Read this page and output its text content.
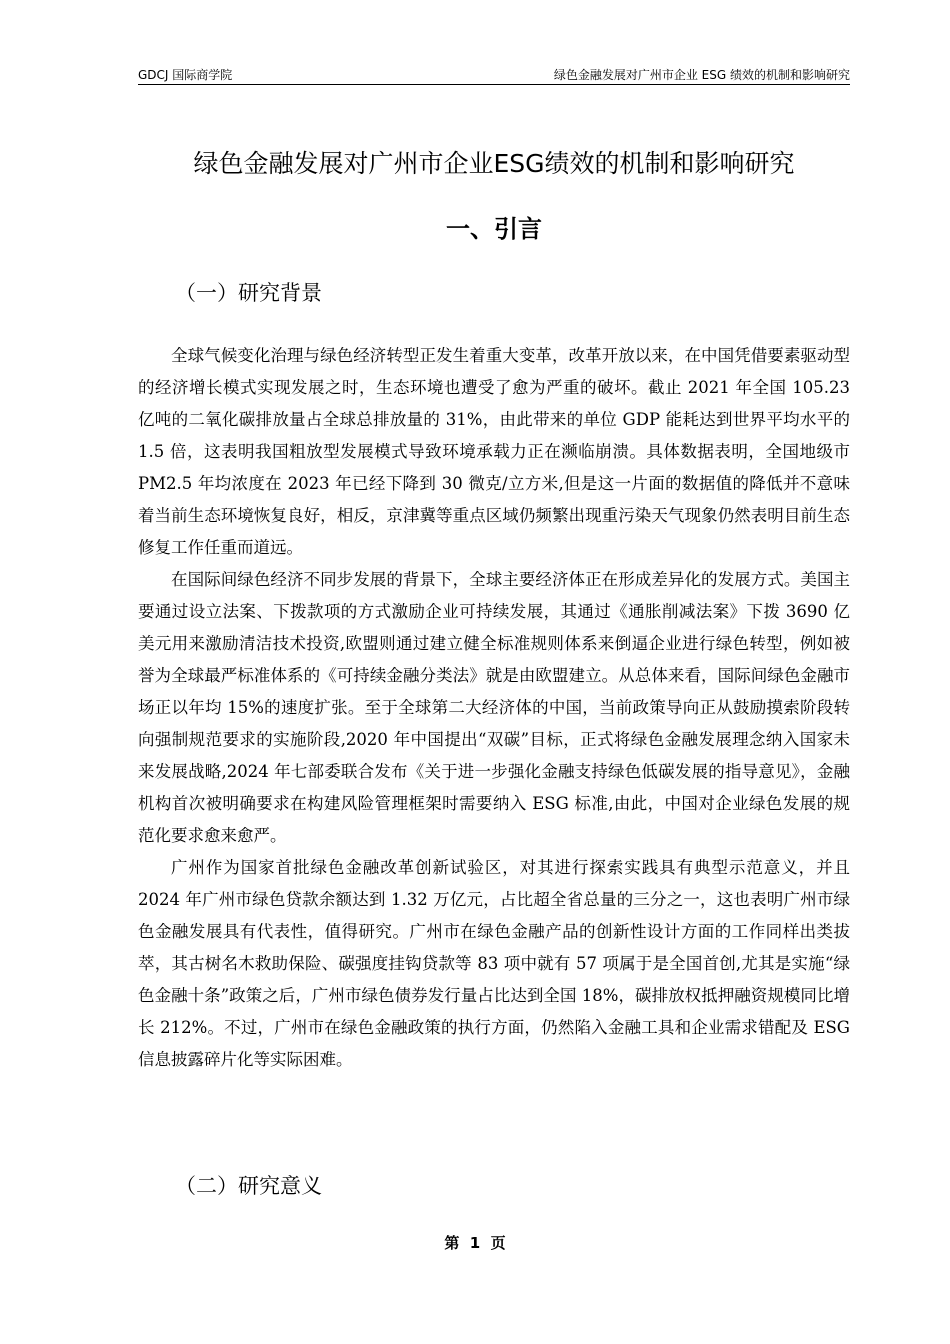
GDCJ 国际商学院	绿色金融发展对广州市企业 ESG 绩效的机制和影响研究
绿色金融发展对广州市企业ESG绩效的机制和影响研究
一、引言
（一）研究背景

全球气候变化治理与绿色经济转型正发生着重大变革，改革开放以来，在中国凭借要素驱动型的经济增长模式实现发展之时，生态环境也遭受了愈为严重的破坏。截止 2021 年全国 105.23 亿吨的二氧化碳排放量占全球总排放量的 31%，由此带来的单位 GDP 能耗达到世界平均水平的 1.5 倍，这表明我国粗放型发展模式导致环境承载力正在濒临崩溃。具体数据表明，全国地级市 PM2.5 年均浓度在 2023 年已经下降到 30 微克/立方米,但是这一片面的数据值的降低并不意味着当前生态环境恢复良好，相反，京津冀等重点区域仍频繁出现重污染天气现象仍然表明目前生态修复工作任重而道远。

在国际间绿色经济不同步发展的背景下，全球主要经济体正在形成差异化的发展方式。美国主要通过设立法案、下拨款项的方式激励企业可持续发展，其通过《通胀削减法案》下拨 3690 亿美元用来激励清洁技术投资,欧盟则通过建立健全标准规则体系来倒逼企业进行绿色转型，例如被誉为全球最严标准体系的《可持续金融分类法》就是由欧盟建立。从总体来看，国际间绿色金融市场正以年均 15%的速度扩张。至于全球第二大经济体的中国，当前政策导向正从鼓励摸索阶段转向强制规范要求的实施阶段,2020 年中国提出“双碳”目标，正式将绿色金融发展理念纳入国家未来发展战略,2024 年七部委联合发布《关于进一步强化金融支持绿色低碳发展的指导意见》，金融机构首次被明确要求在构建风险管理框架时需要纳入 ESG 标准,由此，中国对企业绿色发展的规范化要求愈来愈严。

广州作为国家首批绿色金融改革创新试验区，对其进行探索实践具有典型示范意义，并且 2024 年广州市绿色贷款余额达到 1.32 万亿元，占比超全省总量的三分之一，这也表明广州市绿色金融发展具有代表性，值得研究。广州市在绿色金融产品的创新性设计方面的工作同样出类拔萃，其古树名木救助保险、碳强度挂钩贷款等 83 项中就有 57 项属于是全国首创,尤其是实施“绿色金融十条”政策之后，广州市绿色债券发行量占比达到全国 18%，碳排放权抵押融资规模同比增长 212%。不过，广州市在绿色金融政策的执行方面，仍然陷入金融工具和企业需求错配及 ESG 信息披露碎片化等实际困难。

（二）研究意义
第  1  页
